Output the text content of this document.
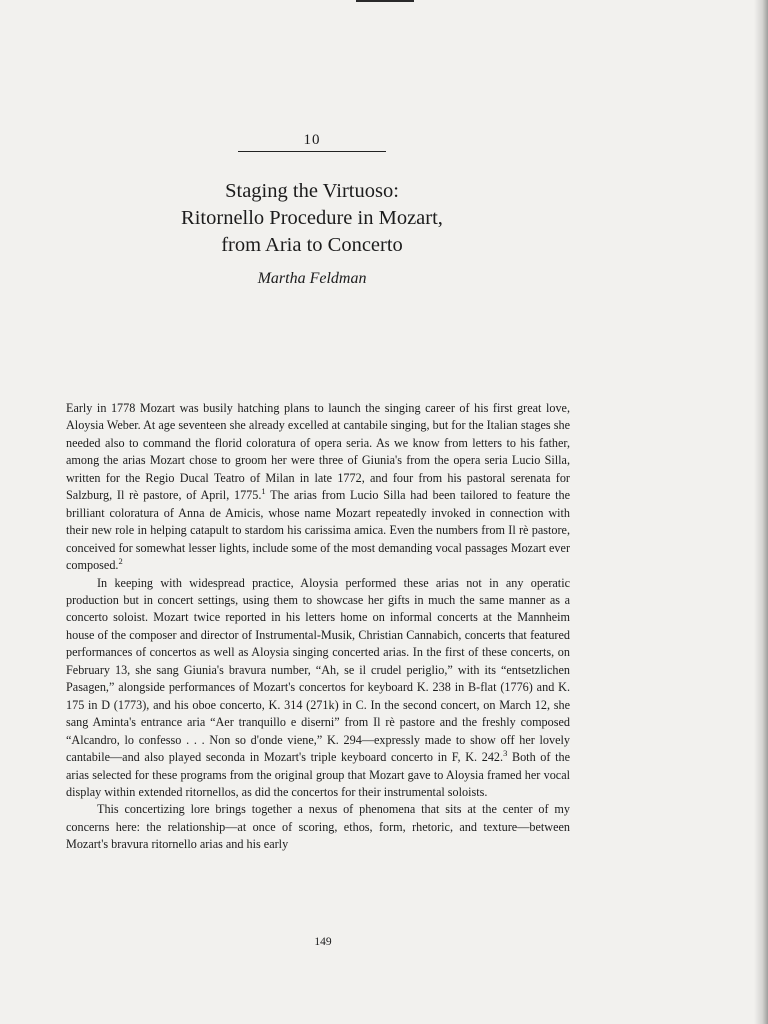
10
Staging the Virtuoso:
Ritornello Procedure in Mozart,
from Aria to Concerto
Martha Feldman

Early in 1778 Mozart was busily hatching plans to launch the singing career of his first great love, Aloysia Weber. At age seventeen she already excelled at cantabile singing, but for the Italian stages she needed also to command the florid coloratura of opera seria. As we know from letters to his father, among the arias Mozart chose to groom her were three of Giunia's from the opera seria Lucio Silla, written for the Regio Ducal Teatro of Milan in late 1772, and four from his pastoral serenata for Salzburg, Il rè pastore, of April, 1775.$^1$ The arias from Lucio Silla had been tailored to feature the brilliant coloratura of Anna de Amicis, whose name Mozart repeatedly invoked in connection with their new role in helping catapult to stardom his carissima amica. Even the numbers from Il rè pastore, conceived for somewhat lesser lights, include some of the most demanding vocal passages Mozart ever composed.$^2$

In keeping with widespread practice, Aloysia performed these arias not in any operatic production but in concert settings, using them to showcase her gifts in much the same manner as a concerto soloist. Mozart twice reported in his letters home on informal concerts at the Mannheim house of the composer and director of Instrumental-Musik, Christian Cannabich, concerts that featured performances of concertos as well as Aloysia singing concerted arias. In the first of these concerts, on February 13, she sang Giunia's bravura number, “Ah, se il crudel periglio,” with its “entsetzlichen Pasagen,” alongside performances of Mozart's concertos for keyboard K. 238 in B-flat (1776) and K. 175 in D (1773), and his oboe concerto, K. 314 (271k) in C. In the second concert, on March 12, she sang Aminta's entrance aria “Aer tranquillo e diserni” from Il rè pastore and the freshly composed “Alcandro, lo confesso . . . Non so d'onde viene,” K. 294—expressly made to show off her lovely cantabile—and also played seconda in Mozart's triple keyboard concerto in F, K. 242.$^3$ Both of the arias selected for these programs from the original group that Mozart gave to Aloysia framed her vocal display within extended ritornellos, as did the concertos for their instrumental soloists.

This concertizing lore brings together a nexus of phenomena that sits at the center of my concerns here: the relationship—at once of scoring, ethos, form, rhetoric, and texture—between Mozart's bravura ritornello arias and his early

149
